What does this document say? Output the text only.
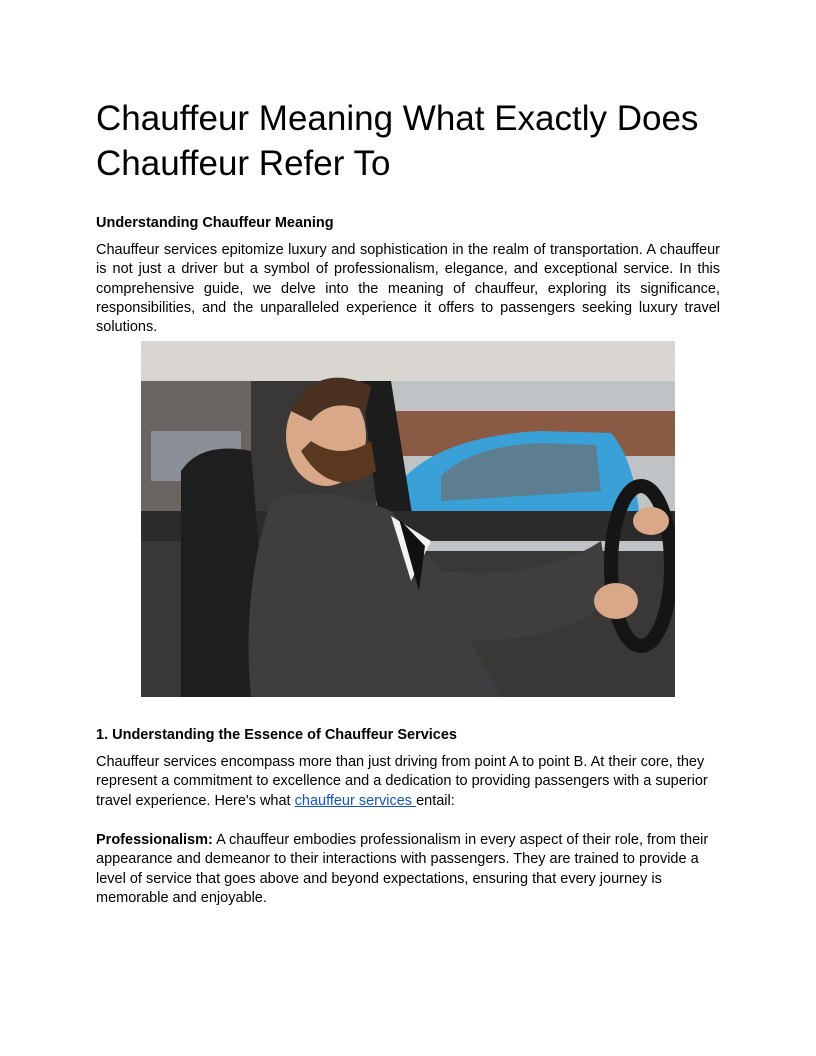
Chauffeur Meaning What Exactly Does Chauffeur Refer To
Understanding Chauffeur Meaning

Chauffeur services epitomize luxury and sophistication in the realm of transportation. A chauffeur is not just a driver but a symbol of professionalism, elegance, and exceptional service. In this comprehensive guide, we delve into the meaning of chauffeur, exploring its significance, responsibilities, and the unparalleled experience it offers to passengers seeking luxury travel solutions.

1. Understanding the Essence of Chauffeur Services

Chauffeur services encompass more than just driving from point A to point B. At their core, they represent a commitment to excellence and a dedication to providing passengers with a superior travel experience. Here's what chauffeur services entail:

Professionalism: A chauffeur embodies professionalism in every aspect of their role, from their appearance and demeanor to their interactions with passengers. They are trained to provide a level of service that goes above and beyond expectations, ensuring that every journey is memorable and enjoyable.
